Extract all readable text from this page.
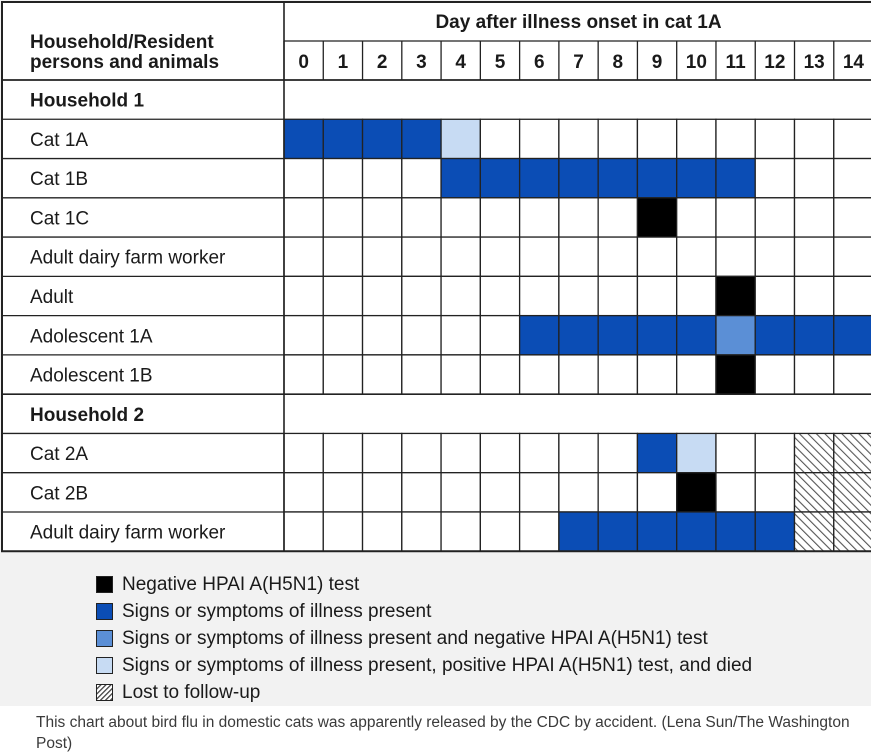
Household/Resident
persons and animals
Day after illness onset in cat 1A
0 1 2 3 4 5 6 7 8 9 10 11 12 13 14
Household 1
Cat 1A
Cat 1B
Cat 1C
Adult dairy farm worker
Adult
Adolescent 1A
Adolescent 1B
Household 2
Cat 2A
Cat 2B
Adult dairy farm worker
Negative HPAI A(H5N1) test
Signs or symptoms of illness present
Signs or symptoms of illness present and negative HPAI A(H5N1) test
Signs or symptoms of illness present, positive HPAI A(H5N1) test, and died
Lost to follow-up
This chart about bird flu in domestic cats was apparently released by the CDC by accident. (Lena Sun/The Washington Post)
